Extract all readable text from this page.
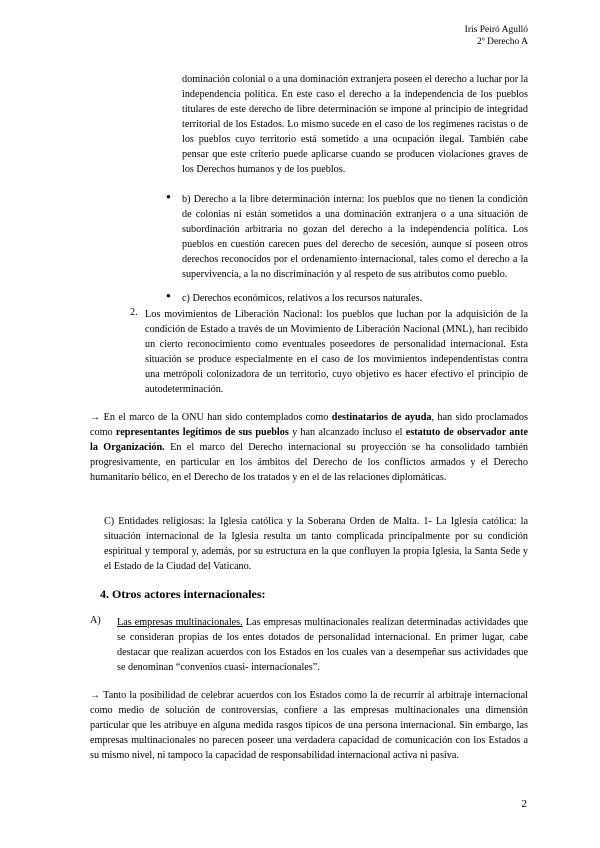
Iris Peiró Agulló
2º Derecho A
dominación colonial o a una dominación extranjera poseen el derecho a luchar por la independencia política. En este caso el derecho a la independencia de los pueblos titulares de este derecho de libre determinación se impone al principio de integridad territorial de los Estados. Lo mismo sucede en el caso de los regímenes racistas o de los pueblos cuyo territorio está sometido a una ocupación ilegal. También cabe pensar que este criterio puede aplicarse cuando se producen violaciones graves de los Derechos humanos y de los pueblos.
● b) Derecho a la libre determinación interna: los pueblos que no tienen la condición de colonias ni están sometidos a una dominación extranjera o a una situación de subordinación arbitraria no gozan del derecho a la independencia política. Los pueblos en cuestión carecen pues del derecho de secesión, aunque sí poseen otros derechos reconocidos por el ordenamiento internacional, tales como el derecho a la supervivencia, a la no discriminación y al respeto de sus atributos como pueblo.
● c) Derechos económicos, relativos a los recursos naturales.
2. Los movimientos de Liberación Nacional: los pueblos que luchan por la adquisición de la condición de Estado a través de un Movimiento de Liberación Nacional (MNL), han recibido un cierto reconocimiento como eventuales poseedores de personalidad internacional. Esta situación se produce especialmente en el caso de los movimientos independentistas contra una metrópoli colonizadora de un territorio, cuyo objetivo es hacer efectivo el principio de autodeterminación.
→ En el marco de la ONU han sido contemplados como destinatarios de ayuda, han sido proclamados como representantes legítimos de sus pueblos y han alcanzado incluso el estatuto de observador ante la Organización. En el marco del Derecho internacional su proyección se ha consolidado también progresivamente, en particular en los ámbitos del Derecho de los conflictos armados y el Derecho humanitario bélico, en el Derecho de los tratados y en el de las relaciones diplomáticas.
C) Entidades religiosas: la Iglesia católica y la Soberana Orden de Malta. 1- La Iglesia católica: la situación internacional de la Iglesia resulta un tanto complicada principalmente por su condición espiritual y temporal y, además, por su estructura en la que confluyen la propia Iglesia, la Santa Sede y el Estado de la Ciudad del Vaticano.
4. Otros actores internacionales:
A) Las empresas multinacionales. Las empresas multinacionales realizan determinadas actividades que se consideran propias de los entes dotados de personalidad internacional. En primer lugar, cabe destacar que realizan acuerdos con los Estados en los cuales van a desempeñar sus actividades que se denominan “convenios cuasi- internacionales”.
→ Tanto la posibilidad de celebrar acuerdos con los Estados como la de recurrir al arbitraje internacional como medio de solución de controversias, confiere a las empresas multinacionales una dimensión particular que les atribuye en alguna medida rasgos típicos de una persona internacional. Sin embargo, las empresas multinacionales no parecen poseer una verdadera capacidad de comunicación con los Estados a su mismo nivel, ni tampoco la capacidad de responsabilidad internacional activa ni pasiva.
2
